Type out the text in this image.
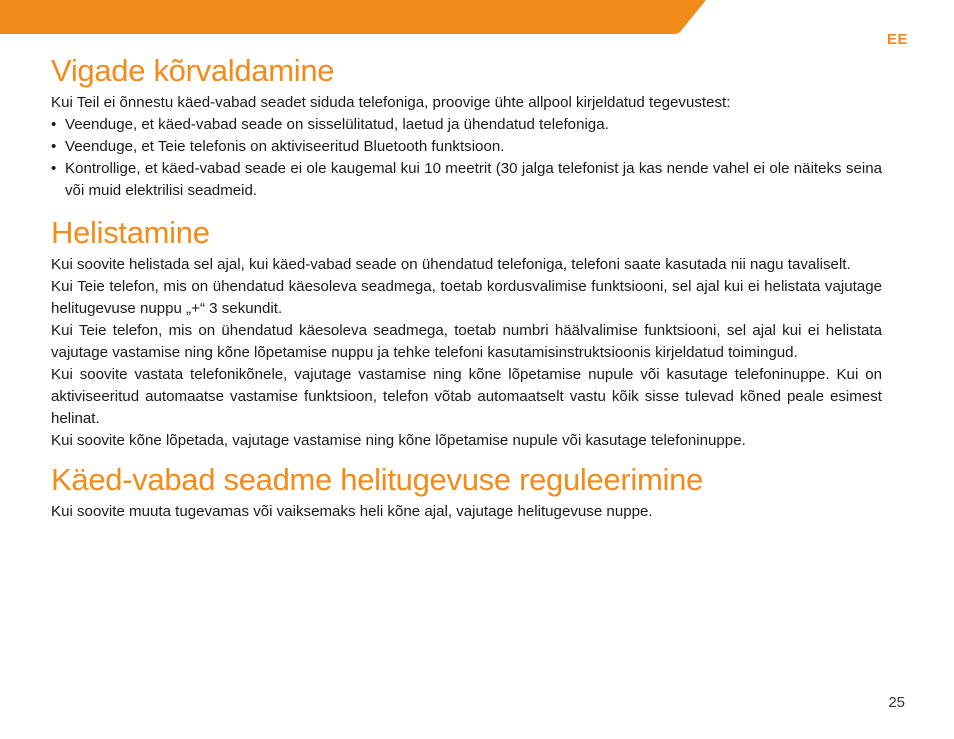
EE
Vigade kõrvaldamine

Kui Teil ei õnnestu käed-vabad seadet siduda telefoniga, proovige ühte allpool kirjeldatud tegevustest:

• Veenduge, et käed-vabad seade on sisselülitatud, laetud ja ühendatud telefoniga.
• Veenduge, et Teie telefonis on aktiviseeritud Bluetooth funktsioon.
• Kontrollige, et käed-vabad seade ei ole kaugemal kui 10 meetrit (30 jalga telefonist ja kas nende vahel ei ole näiteks seina või muid elektrilisi seadmeid.
Helistamine

Kui soovite helistada sel ajal, kui käed-vabad seade on ühendatud telefoniga, telefoni saate kasutada nii nagu tavaliselt.

Kui Teie telefon, mis on ühendatud käesoleva seadmega, toetab kordusvalimise funktsiooni, sel ajal kui ei helistata vajutage helitugevuse nuppu „+“ 3 sekundit.

Kui Teie telefon, mis on ühendatud käesoleva seadmega, toetab numbri häälvalimise funktsiooni, sel ajal kui ei helistata vajutage vastamise ning kõne lõpetamise nuppu ja tehke telefoni kasutamisinstruktsioonis kirjeldatud toimingud.

Kui soovite vastata telefonikõnele, vajutage vastamise ning kõne lõpetamise nupule või kasutage telefoninuppe. Kui on aktiviseeritud automaatse vastamise funktsioon, telefon võtab automaatselt vastu kõik sisse tulevad kõned peale esimest helinat.

Kui soovite kõne lõpetada, vajutage vastamise ning kõne lõpetamise nupule või kasutage telefoninuppe.

Käed-vabad seadme helitugevuse reguleerimine

Kui soovite muuta tugevamas või vaiksemaks heli kõne ajal, vajutage helitugevuse nuppe.

25
